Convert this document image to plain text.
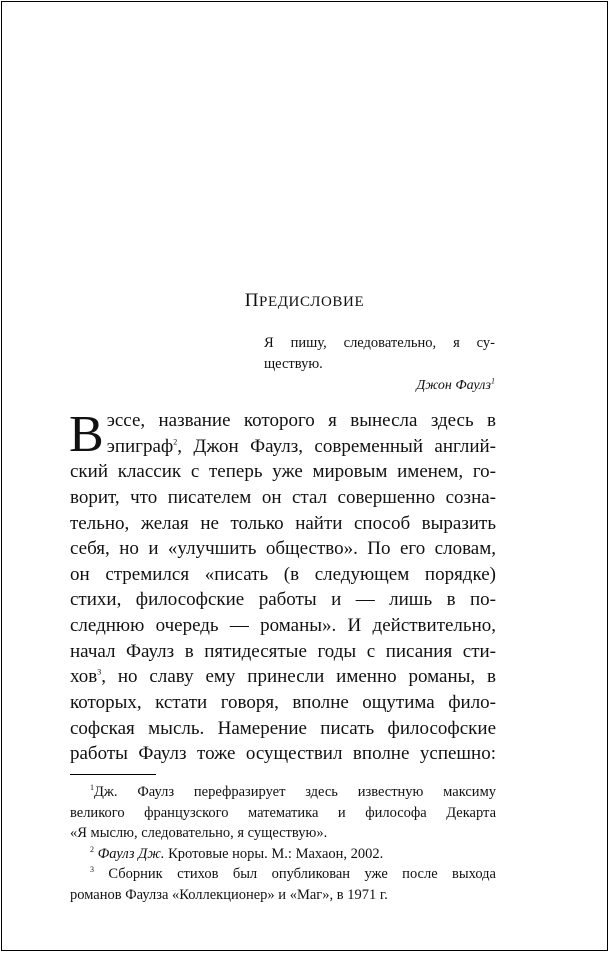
ПРЕДИСЛОВИЕ
Я пишу, следовательно, я су-
ществую.
Джон Фаулз$^1$
В эссе, название которого я вынесла здесь в
эпиграф$^2$, Джон Фаулз, современный англий-
ский классик с теперь уже мировым именем, го-
ворит, что писателем он стал совершенно созна-
тельно, желая не только найти способ выразить
себя, но и «улучшить общество». По его словам,
он стремился «писать (в следующем порядке)
стихи, философские работы и — лишь в по-
следнюю очередь — романы». И действительно,
начал Фаулз в пятидесятые годы с писания сти-
хов$^3$, но славу ему принесли именно романы, в
которых, кстати говоря, вполне ощутима фило-
софская мысль. Намерение писать философские
работы Фаулз тоже осуществил вполне успешно:
$^1$Дж. Фаулз перефразирует здесь известную максиму
великого французского математика и философа Декарта
«Я мыслю, следовательно, я существую».
$^2$ Фаулз Дж. Кротовые норы. М.: Махаон, 2002.
$^3$ Сборник стихов был опубликован уже после выхода
романов Фаулза «Коллекционер» и «Маг», в 1971 г.
